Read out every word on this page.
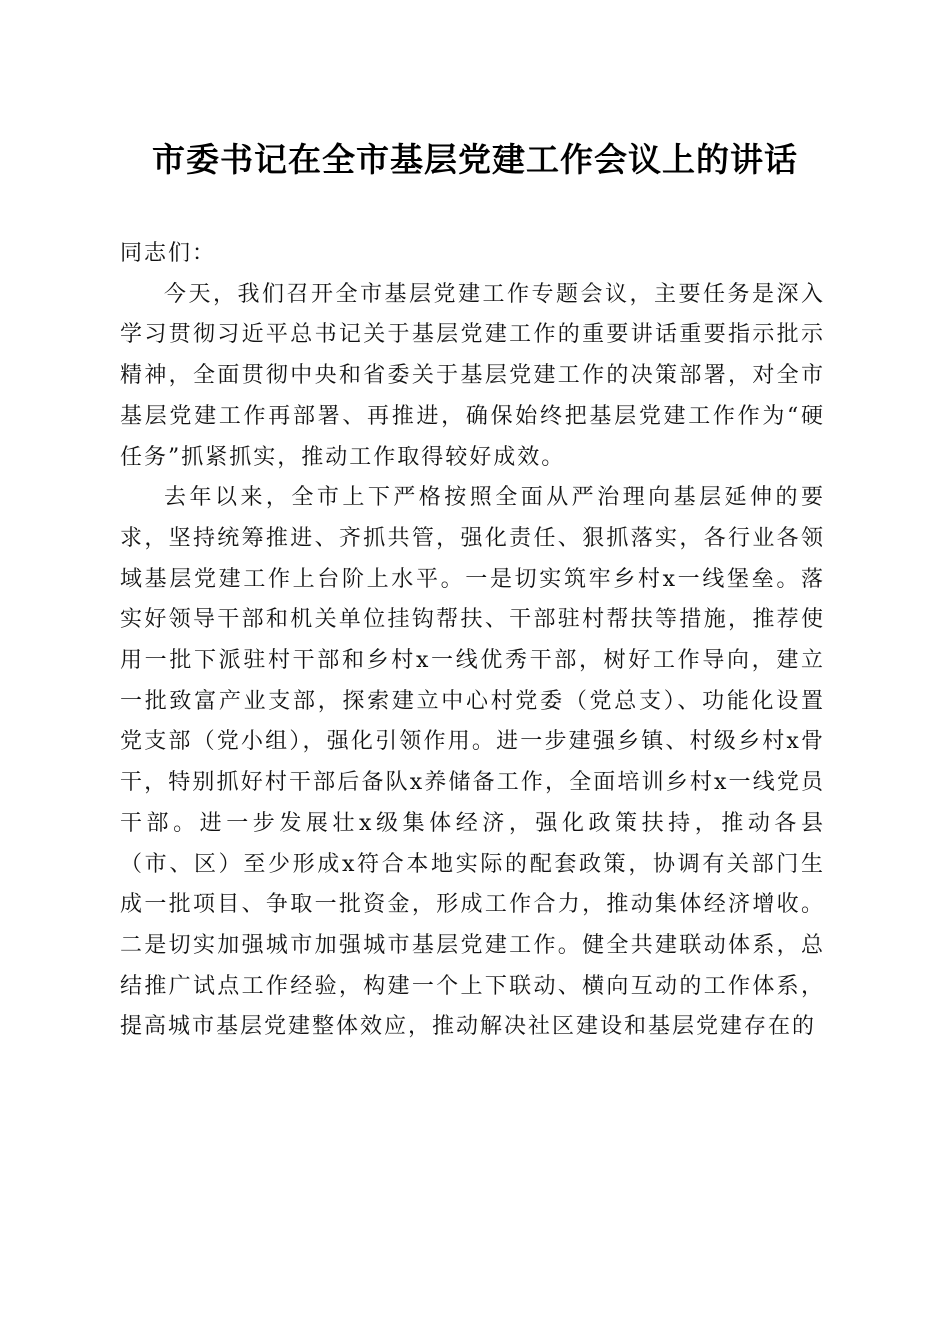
市委书记在全市基层党建工作会议上的讲话

同志们：

今天，我们召开全市基层党建工作专题会议，主要任务是深入学习贯彻习近平总书记关于基层党建工作的重要讲话重要指示批示精神，全面贯彻中央和省委关于基层党建工作的决策部署，对全市基层党建工作再部署、再推进，确保始终把基层党建工作作为“硬任务”抓紧抓实，推动工作取得较好成效。

去年以来，全市上下严格按照全面从严治理向基层延伸的要求，坚持统筹推进、齐抓共管，强化责任、狠抓落实，各行业各领域基层党建工作上台阶上水平。一是切实筑牢乡村x一线堡垒。落实好领导干部和机关单位挂钩帮扶、干部驻村帮扶等措施，推荐使用一批下派驻村干部和乡村x一线优秀干部，树好工作导向，建立一批致富产业支部，探索建立中心村党委（党总支）、功能化设置党支部（党小组），强化引领作用。进一步建强乡镇、村级乡村x骨干，特别抓好村干部后备队x养储备工作，全面培训乡村x一线党员干部。进一步发展壮x级集体经济，强化政策扶持，推动各县（市、区）至少形成x符合本地实际的配套政策，协调有关部门生成一批项目、争取一批资金，形成工作合力，推动集体经济增收。二是切实加强城市加强城市基层党建工作。健全共建联动体系，总结推广试点工作经验，构建一个上下联动、横向互动的工作体系，提高城市基层党建整体效应，推动解决社区建设和基层党建存在的
